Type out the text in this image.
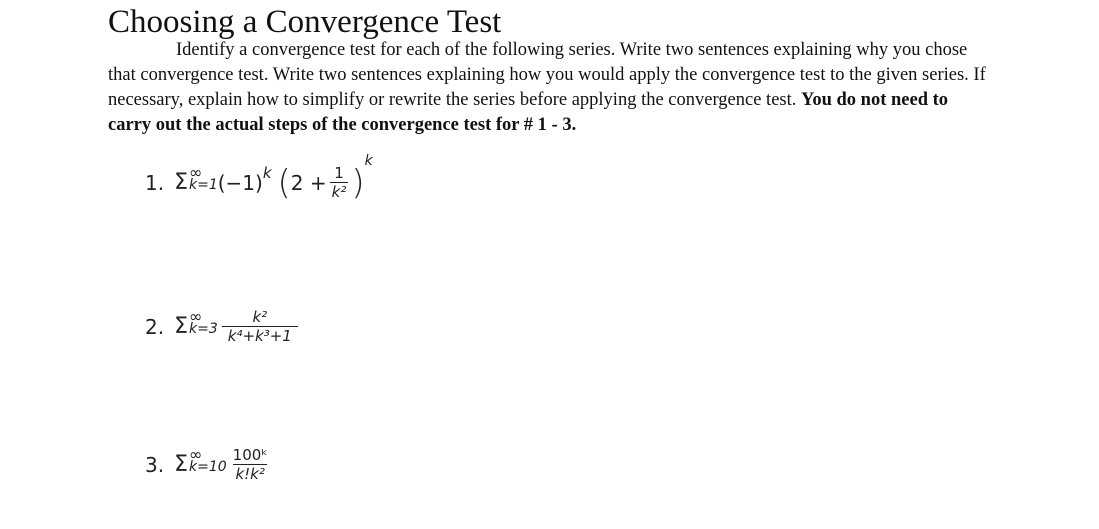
Choosing a Convergence Test
Identify a convergence test for each of the following series. Write two sentences explaining why you chose that convergence test. Write two sentences explaining how you would apply the convergence test to the given series. If necessary, explain how to simplify or rewrite the series before applying the convergence test. You do not need to carry out the actual steps of the convergence test for # 1 - 3.
1. Σ ∞
k=1 (−1) k ( $2 + \frac{1}{\text{k²}}$ )
k
2. Σ ∞
$k=3 \frac{\text{k²}}{\text{k⁴+k³+1}}$
3. Σ ∞
$k=10 \frac{\text{100ᵏ}}{\text{k!k²}}$
